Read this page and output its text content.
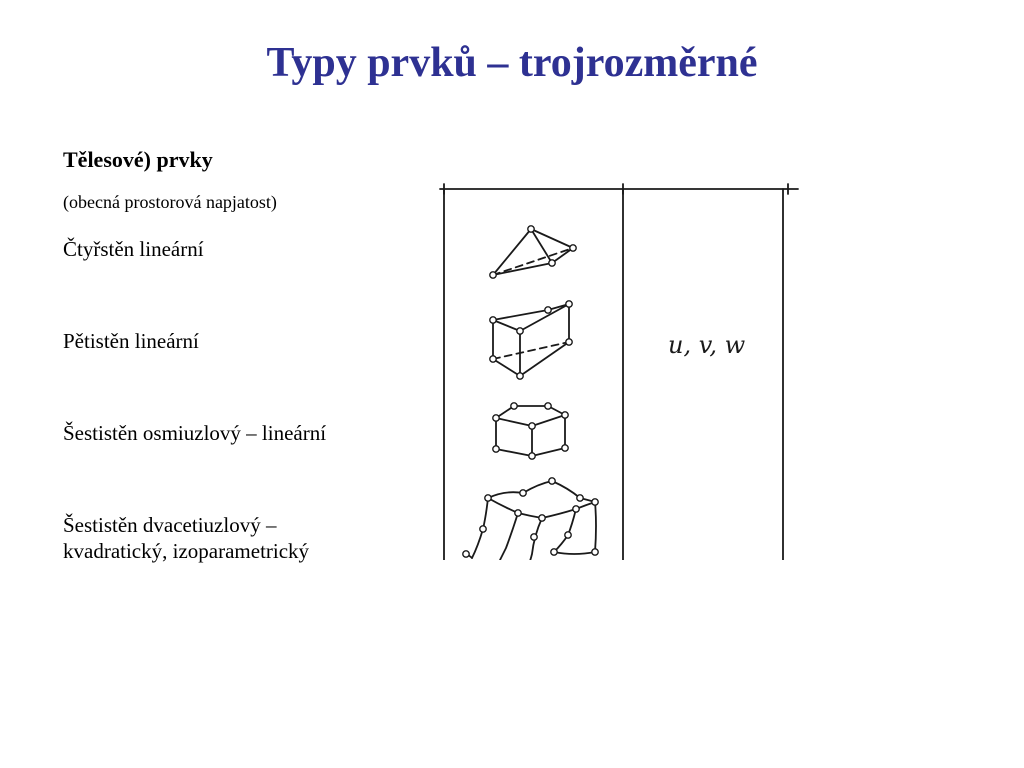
Typy prvků – trojrozměrné
Tělesové) prvky
(obecná prostorová napjatost)
Čtyřstěn lineární
Pětistěn lineární
Šestistěn osmiuzlový – lineární
Šestistěn dvacetiuzlový –
kvadratický, izoparametrický
u, v, w
